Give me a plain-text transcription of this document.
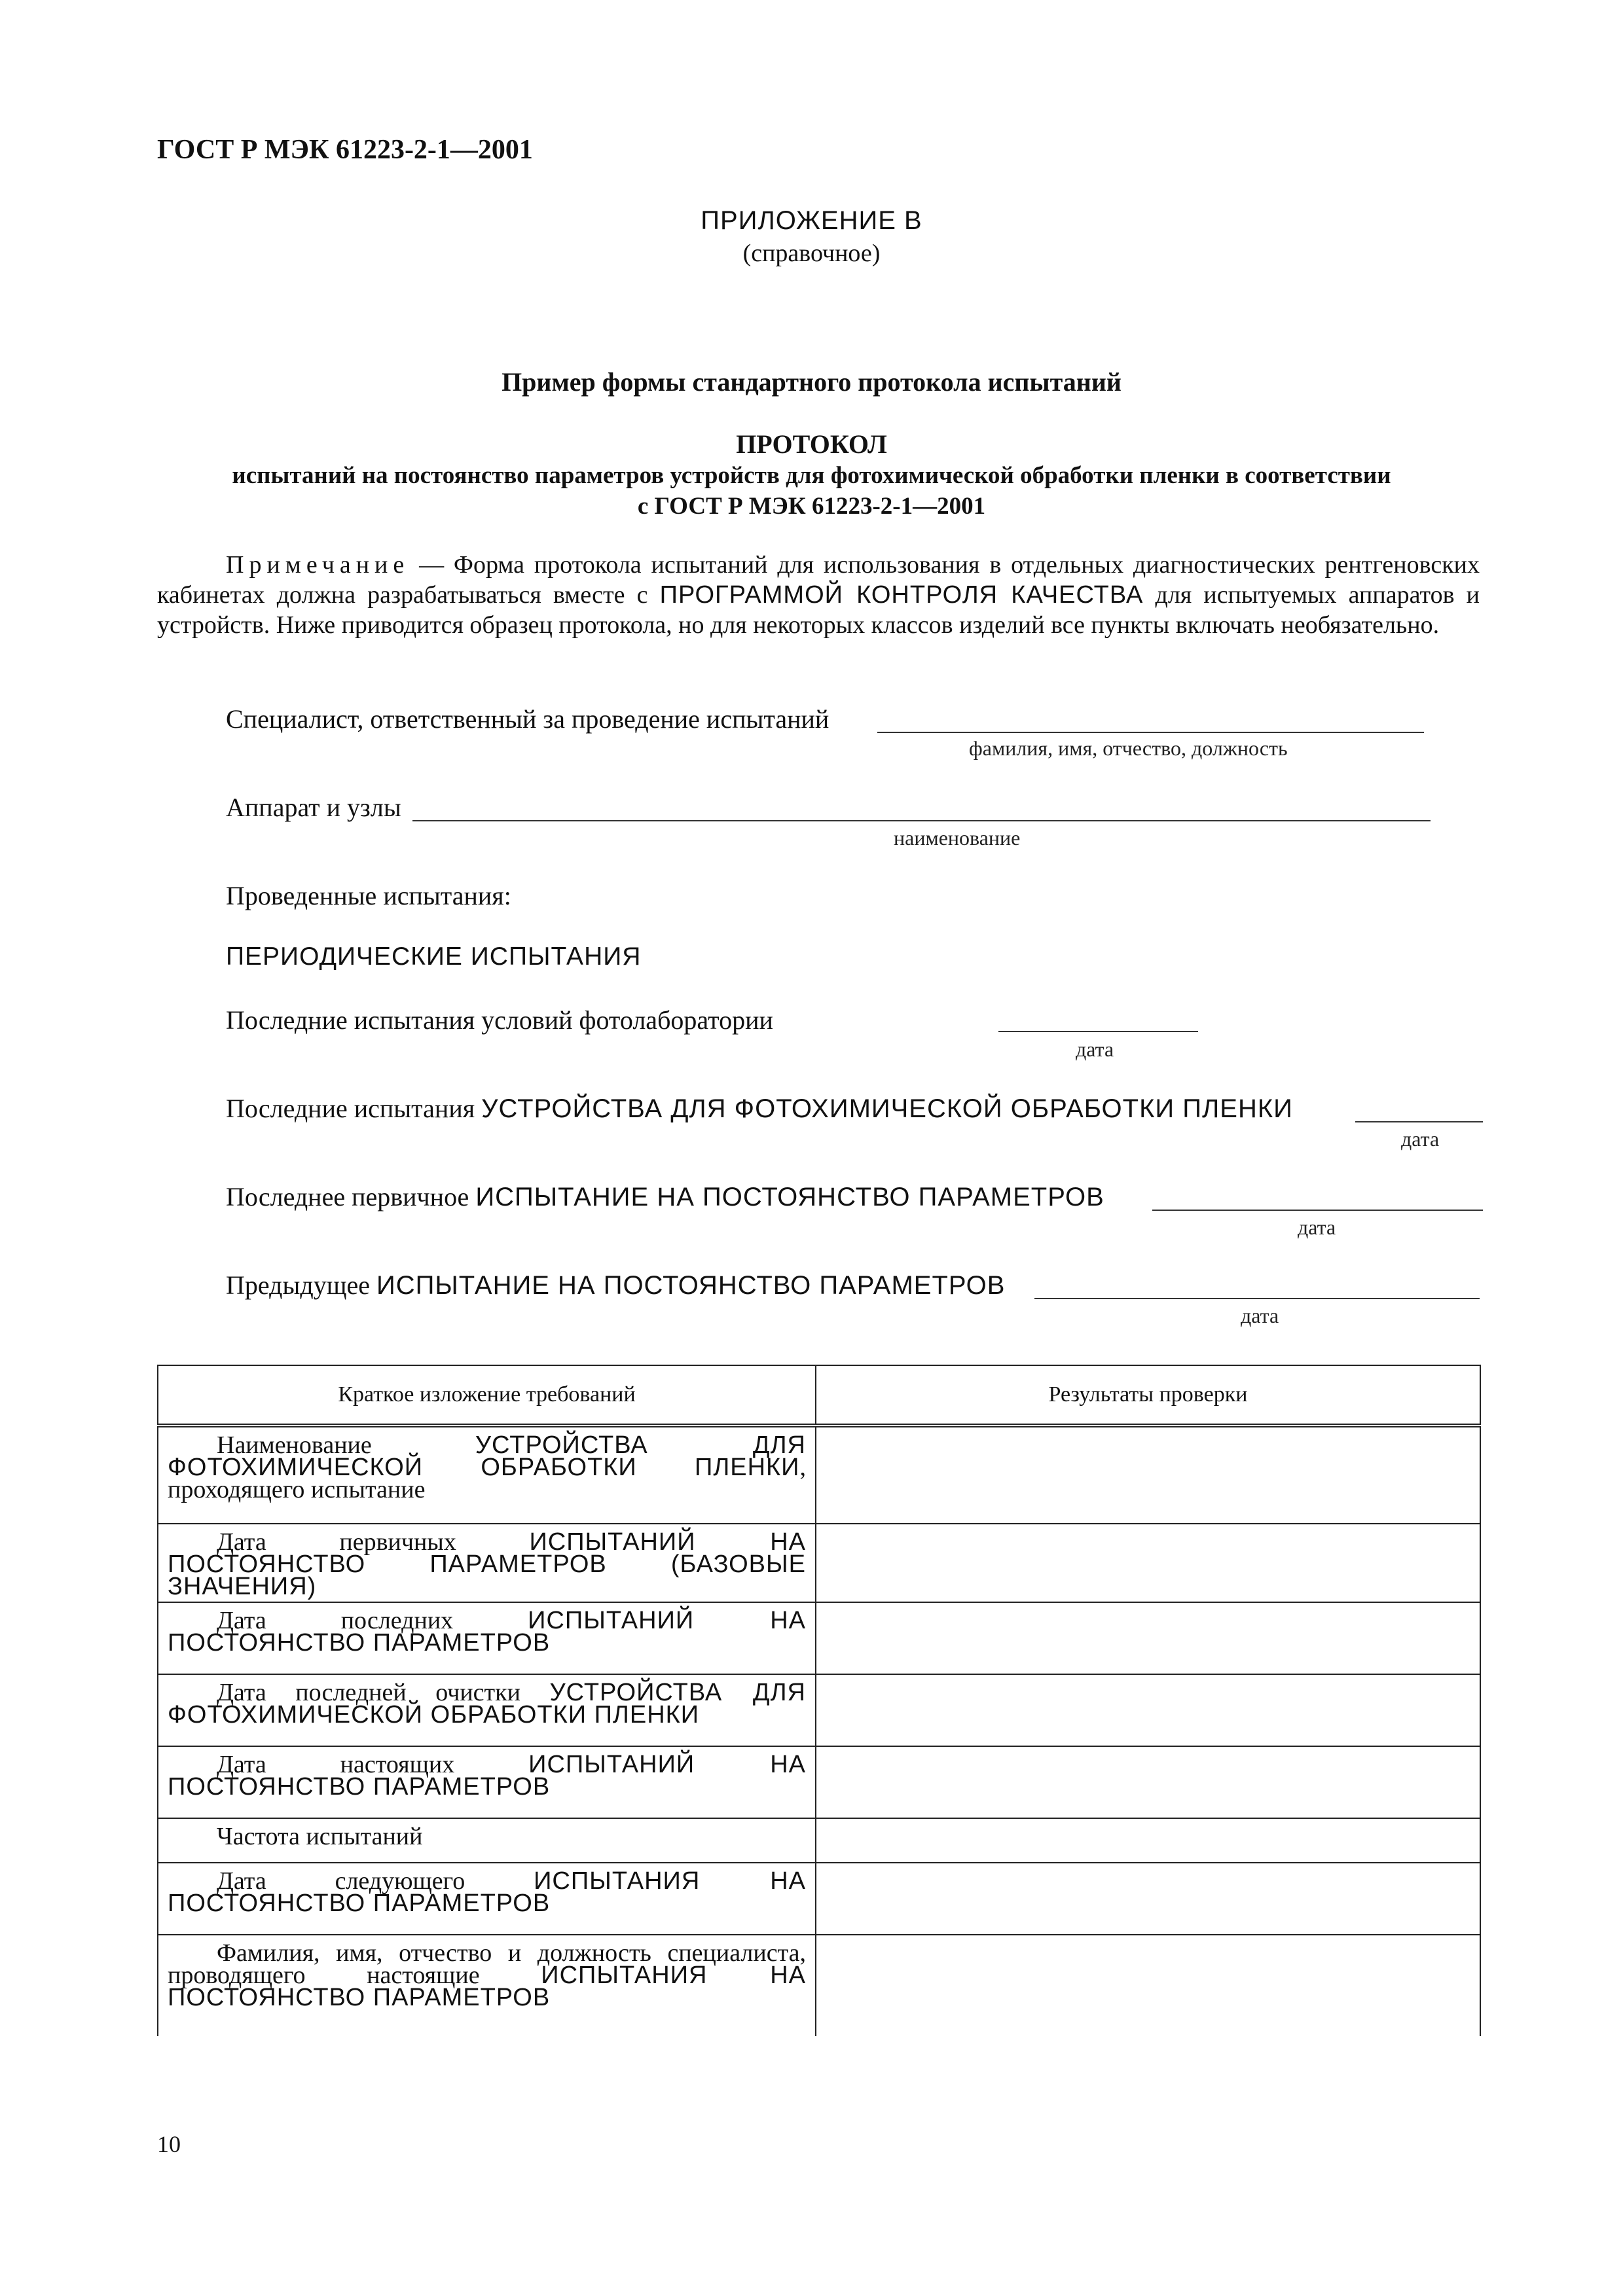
ГОСТ Р МЭК 61223-2-1—2001
ПРИЛОЖЕНИЕ В
(справочное)
Пример формы стандартного протокола испытаний
ПРОТОКОЛ
испытаний на постоянство параметров устройств для фотохимической обработки пленки в соответствии
с ГОСТ Р МЭК 61223-2-1—2001
Примечание — Форма протокола испытаний для использования в отдельных диагностических рентгеновских кабинетах должна разрабатываться вместе с ПРОГРАММОЙ КОНТРОЛЯ КАЧЕСТВА для испытуемых аппаратов и устройств. Ниже приводится образец протокола, но для некоторых классов изделий все пункты включать необязательно.
Специалист, ответственный за проведение испытаний
фамилия, имя, отчество, должность
Аппарат и узлы
наименование
Проведенные испытания:
ПЕРИОДИЧЕСКИЕ ИСПЫТАНИЯ
Последние испытания условий фотолаборатории
дата
Последние испытания УСТРОЙСТВА ДЛЯ ФОТОХИМИЧЕСКОЙ ОБРАБОТКИ ПЛЕНКИ
дата
Последнее первичное ИСПЫТАНИЕ НА ПОСТОЯНСТВО ПАРАМЕТРОВ
дата
Предыдущее ИСПЫТАНИЕ НА ПОСТОЯНСТВО ПАРАМЕТРОВ
дата
Краткое изложение требований	Результаты проверки
Наименование УСТРОЙСТВА ДЛЯ ФОТОХИМИЧЕСКОЙ ОБРАБОТКИ ПЛЕНКИ, проходящего испытание	
Дата первичных ИСПЫТАНИЙ НА ПОСТОЯНСТВО ПАРАМЕТРОВ (БАЗОВЫЕ ЗНАЧЕНИЯ)	
Дата последних ИСПЫТАНИЙ НА ПОСТОЯНСТВО ПАРАМЕТРОВ	
Дата последней очистки УСТРОЙСТВА ДЛЯ ФОТОХИМИЧЕСКОЙ ОБРАБОТКИ ПЛЕНКИ	
Дата настоящих ИСПЫТАНИЙ НА ПОСТОЯНСТВО ПАРАМЕТРОВ	
Частота испытаний	
Дата следующего ИСПЫТАНИЯ НА ПОСТОЯНСТВО ПАРАМЕТРОВ	
Фамилия, имя, отчество и должность специалиста, проводящего настоящие ИСПЫТАНИЯ НА ПОСТОЯНСТВО ПАРАМЕТРОВ	
10
